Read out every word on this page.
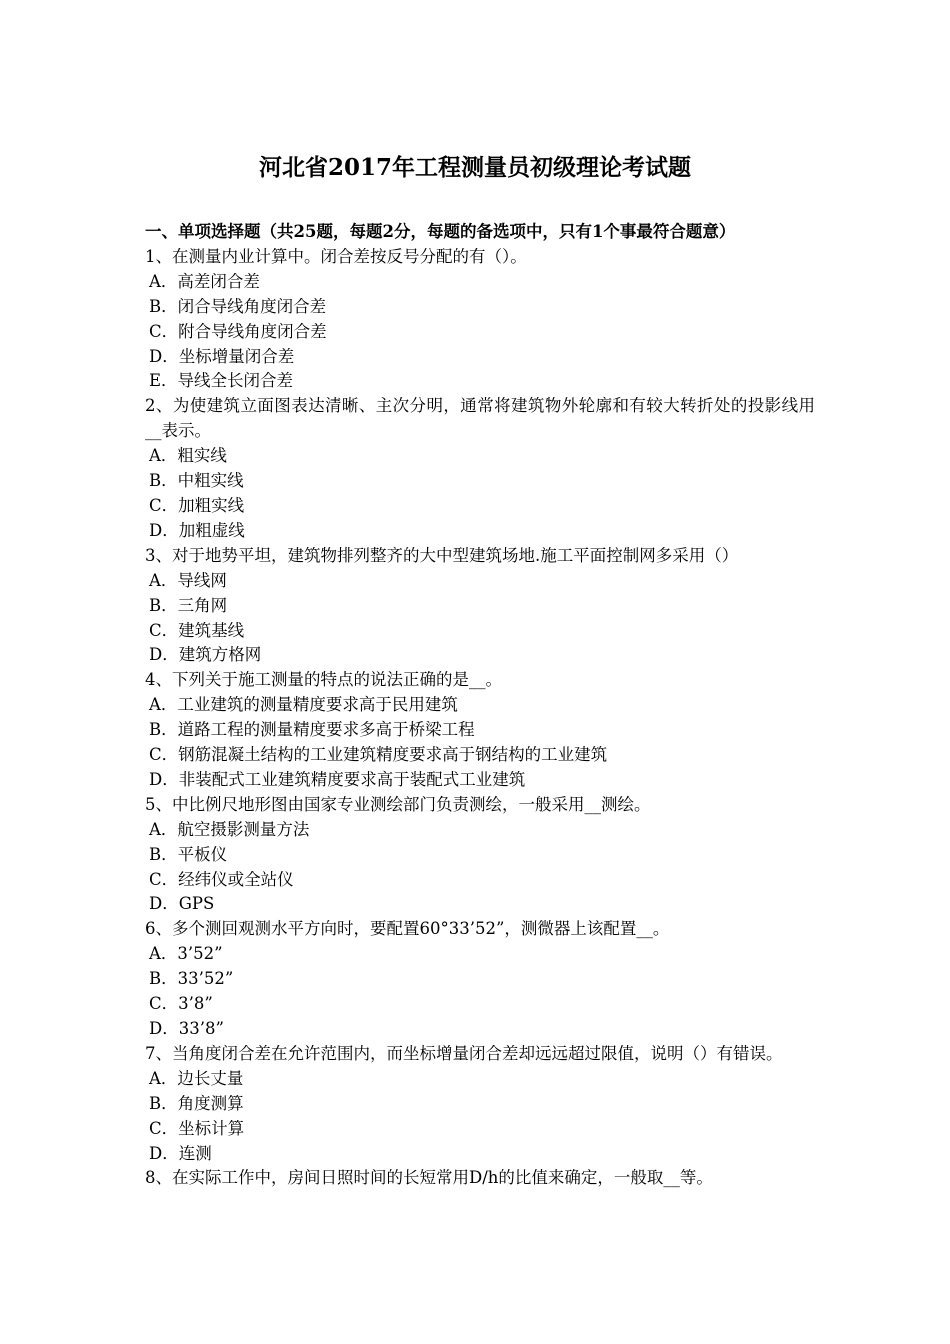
河北省2017年工程测量员初级理论考试题
一、单项选择题（共25题，每题2分，每题的备选项中，只有1个事最符合题意）
1、在测量内业计算中。闭合差按反号分配的有（）。
A．高差闭合差
B．闭合导线角度闭合差
C．附合导线角度闭合差
D．坐标增量闭合差
E．导线全长闭合差
2、为使建筑立面图表达清晰、主次分明，通常将建筑物外轮廓和有较大转折处的投影线用__表示。
A．粗实线
B．中粗实线
C．加粗实线
D．加粗虚线
3、对于地势平坦，建筑物排列整齐的大中型建筑场地.施工平面控制网多采用（）
A．导线网
B．三角网
C．建筑基线
D．建筑方格网
4、下列关于施工测量的特点的说法正确的是__。
A．工业建筑的测量精度要求高于民用建筑
B．道路工程的测量精度要求多高于桥梁工程
C．钢筋混凝土结构的工业建筑精度要求高于钢结构的工业建筑
D．非装配式工业建筑精度要求高于装配式工业建筑
5、中比例尺地形图由国家专业测绘部门负责测绘，一般采用__测绘。
A．航空摄影测量方法
B．平板仪
C．经纬仪或全站仪
D．GPS
6、多个测回观测水平方向时，要配置60°33’52”，测微器上该配置__。
A．3’52”
B．33’52”
C．3’8”
D．33’8”
7、当角度闭合差在允许范围内，而坐标增量闭合差却远远超过限值，说明（）有错误。
A．边长丈量
B．角度测算
C．坐标计算
D．连测
8、在实际工作中，房间日照时间的长短常用D/h的比值来确定，一般取__等。
